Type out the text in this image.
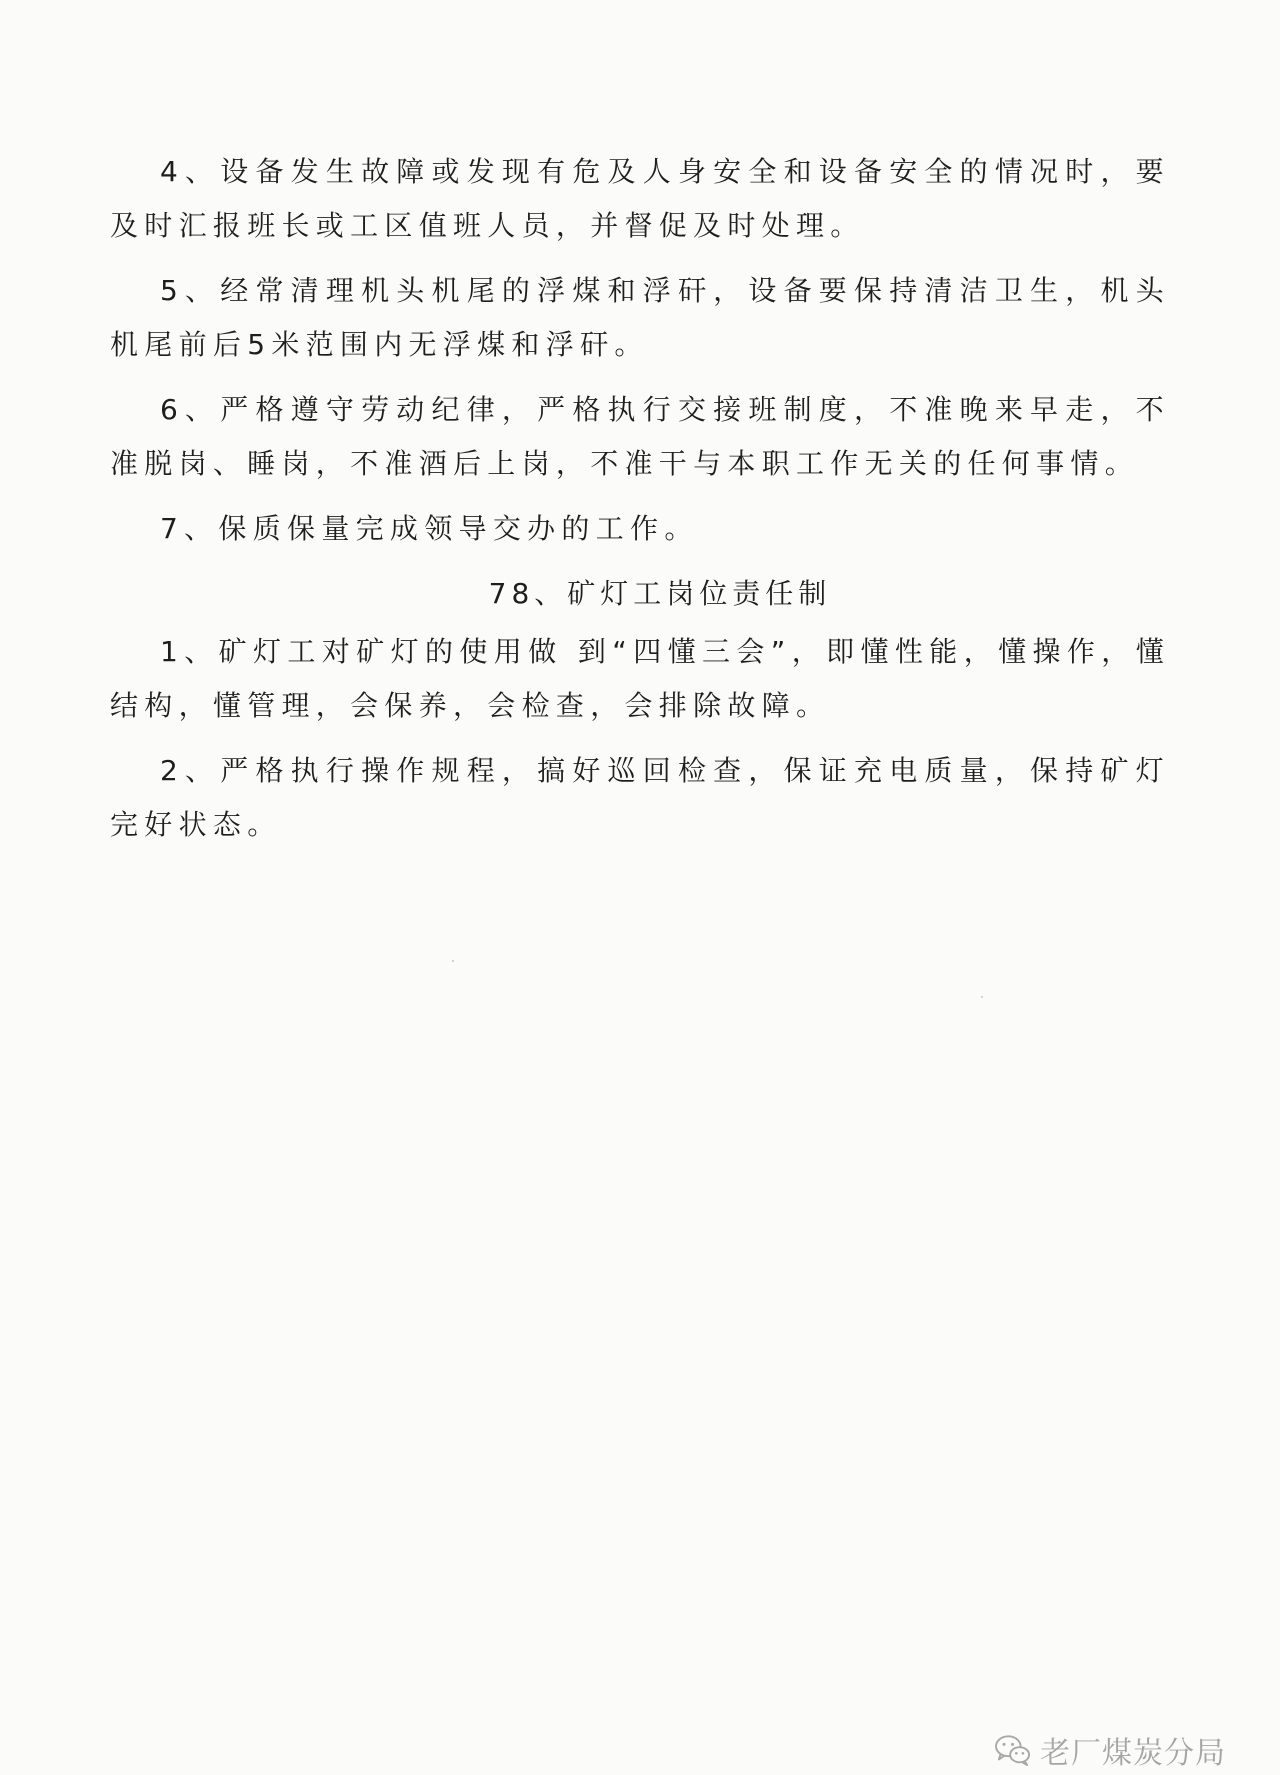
4、设备发生故障或发现有危及人身安全和设备安全的情况时，要及时汇报班长或工区值班人员，并督促及时处理。

5、经常清理机头机尾的浮煤和浮矸，设备要保持清洁卫生，机头机尾前后5米范围内无浮煤和浮矸。

6、严格遵守劳动纪律，严格执行交接班制度，不准晚来早走，不准脱岗、睡岗，不准酒后上岗，不准干与本职工作无关的任何事情。

7、保质保量完成领导交办的工作。

78、矿灯工岗位责任制

1、矿灯工对矿灯的使用做 到“四懂三会”，即懂性能，懂操作，懂结构，懂管理，会保养，会检查，会排除故障。

2、严格执行操作规程，搞好巡回检查，保证充电质量，保持矿灯完好状态。

老厂煤炭分局
